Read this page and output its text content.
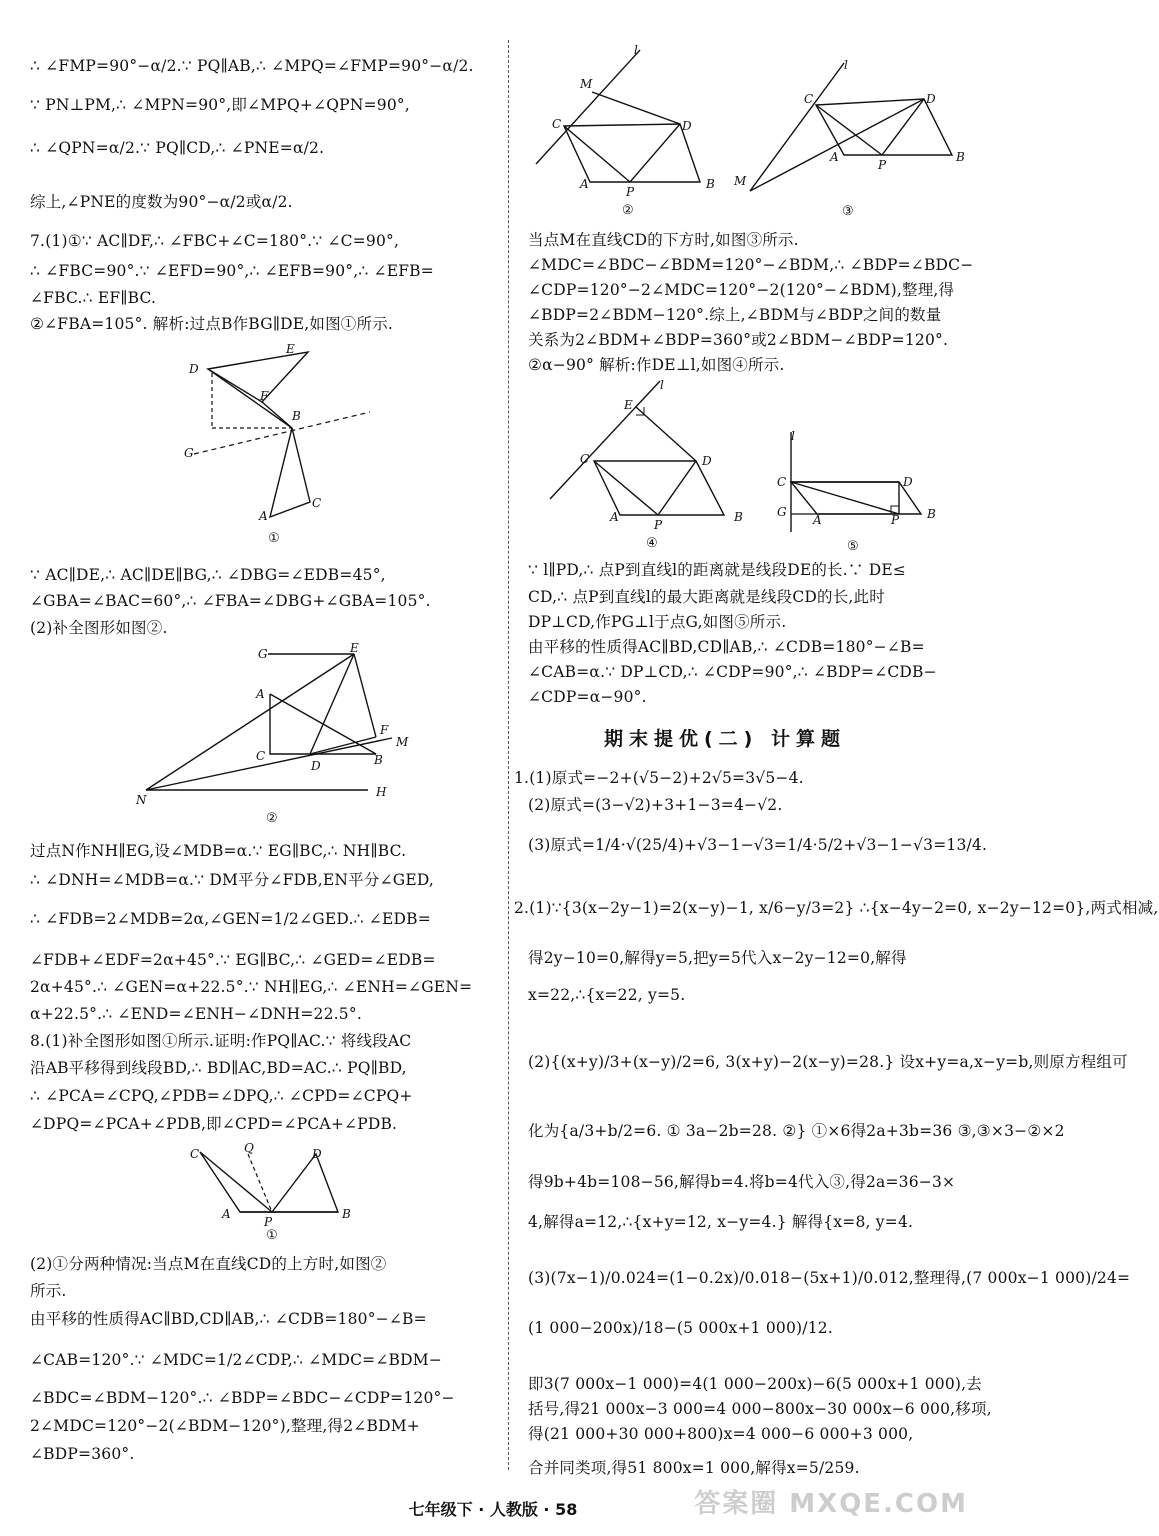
∴ ∠FMP=90°−α/2.∵ PQ∥AB,∴ ∠MPQ=∠FMP=90°−α/2.
∵ PN⊥PM,∴ ∠MPN=90°,即∠MPQ+∠QPN=90°,
∴ ∠QPN=α/2.∵ PQ∥CD,∴ ∠PNE=α/2.
综上,∠PNE的度数为90°−α/2或α/2.
7.(1)①∵ AC∥DF,∴ ∠FBC+∠C=180°.∵ ∠C=90°,
∴ ∠FBC=90°.∵ ∠EFD=90°,∴ ∠EFB=90°,∴ ∠EFB=
∠FBC.∴ EF∥BC.
②∠FBA=105°. 解析:过点B作BG∥DE,如图①所示.
∵ AC∥DE,∴ AC∥DE∥BG,∴ ∠DBG=∠EDB=45°,
∠GBA=∠BAC=60°,∴ ∠FBA=∠DBG+∠GBA=105°.
(2)补全图形如图②.
过点N作NH∥EG,设∠MDB=α.∵ EG∥BC,∴ NH∥BC.
∴ ∠DNH=∠MDB=α.∵ DM平分∠FDB,EN平分∠GED,
∴ ∠FDB=2∠MDB=2α,∠GEN=1/2∠GED.∴ ∠EDB=
∠FDB+∠EDF=2α+45°.∵ EG∥BC,∴ ∠GED=∠EDB=
2α+45°.∴ ∠GEN=α+22.5°.∵ NH∥EG,∴ ∠ENH=∠GEN=
α+22.5°.∴ ∠END=∠ENH−∠DNH=22.5°.
8.(1)补全图形如图①所示.证明:作PQ∥AC.∵ 将线段AC
沿AB平移得到线段BD,∴ BD∥AC,BD=AC.∴ PQ∥BD,
∴ ∠PCA=∠CPQ,∠PDB=∠DPQ,∴ ∠CPD=∠CPQ+
∠DPQ=∠PCA+∠PDB,即∠CPD=∠PCA+∠PDB.
(2)①分两种情况:当点M在直线CD的上方时,如图②
所示.
由平移的性质得AC∥BD,CD∥AB,∴ ∠CDB=180°−∠B=
∠CAB=120°.∵ ∠MDC=1/2∠CDP,∴ ∠MDC=∠BDM−
∠BDC=∠BDM−120°.∴ ∠BDP=∠BDC−∠CDP=120°−
2∠MDC=120°−2(∠BDM−120°),整理,得2∠BDM+
∠BDP=360°.
D
E
F
B
G
A
C
①
G	E
A
F
M
C
D	B
N
H
②
C	Q	D
A
P
B
①
l
M
C	D
A
P
B
②
l
C	D
A
P
B
M
③
当点M在直线CD的下方时,如图③所示.
∠MDC=∠BDC−∠BDM=120°−∠BDM,∴ ∠BDP=∠BDC−
∠CDP=120°−2∠MDC=120°−2(120°−∠BDM),整理,得
∠BDP=2∠BDM−120°.综上,∠BDM与∠BDP之间的数量
关系为2∠BDM+∠BDP=360°或2∠BDM−∠BDP=120°.
②α−90° 解析:作DE⊥l,如图④所示.
∵ l∥PD,∴ 点P到直线l的距离就是线段DE的长.∵ DE≤
CD,∴ 点P到直线l的最大距离就是线段CD的长,此时
DP⊥CD,作PG⊥l于点G,如图⑤所示.
由平移的性质得AC∥BD,CD∥AB,∴ ∠CDB=180°−∠B=
∠CAB=α.∵ DP⊥CD,∴ ∠CDP=90°,∴ ∠BDP=∠CDB−
∠CDP=α−90°.
1.(1)原式=−2+(√5−2)+2√5=3√5−4.
(2)原式=(3−√2)+3+1−3=4−√2.
(3)原式=1/4·√(25/4)+√3−1−√3=1/4·5/2+√3−1−√3=13/4.
2.(1)∵{3(x−2y−1)=2(x−y)−1, x/6−y/3=2} ∴{x−4y−2=0, x−2y−12=0},两式相减,
得2y−10=0,解得y=5,把y=5代入x−2y−12=0,解得
x=22,∴{x=22, y=5.
(2){(x+y)/3+(x−y)/2=6, 3(x+y)−2(x−y)=28.} 设x+y=a,x−y=b,则原方程组可
化为{a/3+b/2=6. ① 3a−2b=28. ②} ①×6得2a+3b=36 ③,③×3−②×2
得9b+4b=108−56,解得b=4.将b=4代入③,得2a=36−3×
4,解得a=12,∴{x+y=12, x−y=4.} 解得{x=8, y=4.
(3)(7x−1)/0.024=(1−0.2x)/0.018−(5x+1)/0.012,整理得,(7 000x−1 000)/24=
(1 000−200x)/18−(5 000x+1 000)/12.
即3(7 000x−1 000)=4(1 000−200x)−6(5 000x+1 000),去
括号,得21 000x−3 000=4 000−800x−30 000x−6 000,移项,
得(21 000+30 000+800)x=4 000−6 000+3 000,
合并同类项,得51 800x=1 000,解得x=5/259.
期末提优(二) 计算题
l
E
C	D
A
P
B
④
l
C	D
G
A	P B
⑤
七年级下 · 人教版 · 58	答案圈 MXQE.COM
